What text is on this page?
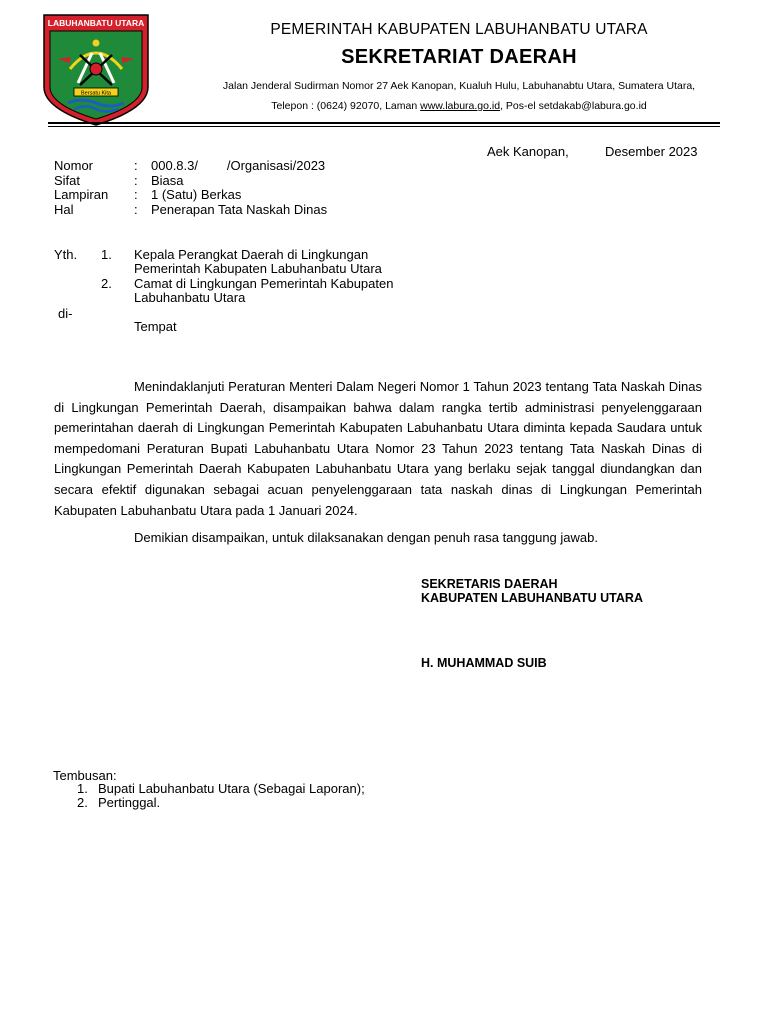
LABUHANBATU UTARA
Bersatu Kita
PEMERINTAH KABUPATEN LABUHANBATU UTARA
SEKRETARIAT DAERAH
Jalan Jenderal Sudirman Nomor 27 Aek Kanopan, Kualuh Hulu, Labuhanabtu Utara, Sumatera Utara,
Telepon : (0624) 92070, Laman www.labura.go.id, Pos-el setdakab@labura.go.id
Aek Kanopan,	Desember 2023
Nomor	: 000.8.3/        /Organisasi/2023
Sifat	: Biasa
Lampiran : 1 (Satu) Berkas
Hal	: Penerapan Tata Naskah Dinas
Yth. 1. Kepala Perangkat Daerah di Lingkungan
Pemerintah Kabupaten Labuhanbatu Utara
2. Camat di Lingkungan Pemerintah Kabupaten
Labuhanbatu Utara
di-
Tempat

Menindaklanjuti Peraturan Menteri Dalam Negeri Nomor 1 Tahun 2023 tentang Tata Naskah Dinas di Lingkungan Pemerintah Daerah, disampaikan bahwa dalam rangka tertib administrasi penyelenggaraan pemerintahan daerah di Lingkungan Pemerintah Kabupaten Labuhanbatu Utara diminta kepada Saudara untuk mempedomani Peraturan Bupati Labuhanbatu Utara Nomor 23 Tahun 2023 tentang Tata Naskah Dinas di Lingkungan Pemerintah Daerah Kabupaten Labuhanbatu Utara yang berlaku sejak tanggal diundangkan dan secara efektif digunakan sebagai acuan penyelenggaraan tata naskah dinas di Lingkungan Pemerintah Kabupaten Labuhanbatu Utara pada 1 Januari 2024.

Demikian disampaikan, untuk dilaksanakan dengan penuh rasa tanggung jawab.

SEKRETARIS DAERAH
KABUPATEN LABUHANBATU UTARA
H. MUHAMMAD SUIB
Tembusan:
1. Bupati Labuhanbatu Utara (Sebagai Laporan);
2. Pertinggal.
